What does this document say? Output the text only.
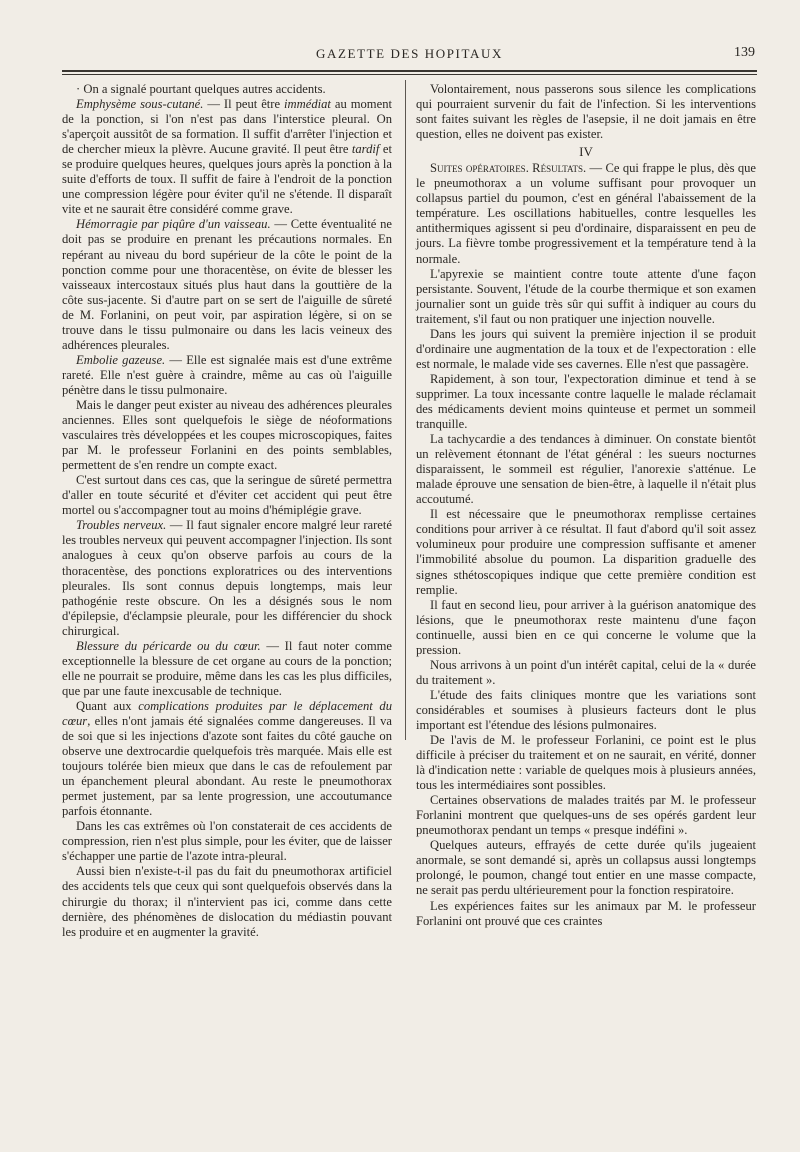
GAZETTE DES HOPITAUX	139

· On a signalé pourtant quelques autres accidents.

Emphysème sous-cutané. — Il peut être immédiat au moment de la ponction, si l'on n'est pas dans l'interstice pleural. On s'aperçoit aussitôt de sa formation. Il suffit d'arrêter l'injection et de chercher mieux la plèvre. Aucune gravité. Il peut être tardif et se produire quelques heures, quelques jours après la ponction à la suite d'efforts de toux. Il suffit de faire à l'endroit de la ponction une compression légère pour éviter qu'il ne s'étende. Il disparaît vite et ne saurait être considéré comme grave.

Hémorragie par piqûre d'un vaisseau. — Cette éventualité ne doit pas se produire en prenant les précautions normales. En repérant au niveau du bord supérieur de la côte le point de la ponction comme pour une thoracentèse, on évite de blesser les vaisseaux intercostaux situés plus haut dans la gouttière de la côte sus-jacente. Si d'autre part on se sert de l'aiguille de sûreté de M. Forlanini, on peut voir, par aspiration légère, si on se trouve dans le tissu pulmonaire ou dans les lacis veineux des adhérences pleurales.

Embolie gazeuse. — Elle est signalée mais est d'une extrême rareté. Elle n'est guère à craindre, même au cas où l'aiguille pénètre dans le tissu pulmonaire.

Mais le danger peut exister au niveau des adhérences pleurales anciennes. Elles sont quelquefois le siège de néoformations vasculaires très développées et les coupes microscopiques, faites par M. le professeur Forlanini en des points semblables, permettent de s'en rendre un compte exact.

C'est surtout dans ces cas, que la seringue de sûreté permettra d'aller en toute sécurité et d'éviter cet accident qui peut être mortel ou s'accompagner tout au moins d'hémiplégie grave.

Troubles nerveux. — Il faut signaler encore malgré leur rareté les troubles nerveux qui peuvent accompagner l'injection. Ils sont analogues à ceux qu'on observe parfois au cours de la thoracentèse, des ponctions exploratrices ou des interventions pleurales. Ils sont connus depuis longtemps, mais leur pathogénie reste obscure. On les a désignés sous le nom d'épilepsie, d'éclampsie pleurale, pour les différencier du shock chirurgical.

Blessure du péricarde ou du cœur. — Il faut noter comme exceptionnelle la blessure de cet organe au cours de la ponction; elle ne pourrait se produire, même dans les cas les plus difficiles, que par une faute inexcusable de technique.

Quant aux complications produites par le déplacement du cœur, elles n'ont jamais été signalées comme dangereuses. Il va de soi que si les injections d'azote sont faites du côté gauche on observe une dextrocardie quelquefois très marquée. Mais elle est toujours tolérée bien mieux que dans le cas de refoulement par un épanchement pleural abondant. Au reste le pneumothorax permet justement, par sa lente progression, une accoutumance parfois étonnante.

Dans les cas extrêmes où l'on constaterait de ces accidents de compression, rien n'est plus simple, pour les éviter, que de laisser s'échapper une partie de l'azote intra-pleural.

Aussi bien n'existe-t-il pas du fait du pneumothorax artificiel des accidents tels que ceux qui sont quelquefois observés dans la chirurgie du thorax; il n'intervient pas ici, comme dans cette dernière, des phénomènes de dislocation du médiastin pouvant les produire et en augmenter la gravité.

Volontairement, nous passerons sous silence les complications qui pourraient survenir du fait de l'infection. Si les interventions sont faites suivant les règles de l'asepsie, il ne doit jamais en être question, elles ne doivent pas exister.

IV

Suites opératoires. Résultats. — Ce qui frappe le plus, dès que le pneumothorax a un volume suffisant pour provoquer un collapsus partiel du poumon, c'est en général l'abaissement de la température. Les oscillations habituelles, contre lesquelles les antithermiques agissent si peu d'ordinaire, disparaissent en peu de jours. La fièvre tombe progressivement et la température tend à la normale.

L'apyrexie se maintient contre toute attente d'une façon persistante. Souvent, l'étude de la courbe thermique et son examen journalier sont un guide très sûr qui suffit à indiquer au cours du traitement, s'il faut ou non pratiquer une injection nouvelle.

Dans les jours qui suivent la première injection il se produit d'ordinaire une augmentation de la toux et de l'expectoration : elle est normale, le malade vide ses cavernes. Elle n'est que passagère.

Rapidement, à son tour, l'expectoration diminue et tend à se supprimer. La toux incessante contre laquelle le malade réclamait des médicaments devient moins quinteuse et permet un sommeil tranquille.

La tachycardie a des tendances à diminuer. On constate bientôt un relèvement étonnant de l'état général : les sueurs nocturnes disparaissent, le sommeil est régulier, l'anorexie s'atténue. Le malade éprouve une sensation de bien-être, à laquelle il n'était plus accoutumé.

Il est nécessaire que le pneumothorax remplisse certaines conditions pour arriver à ce résultat. Il faut d'abord qu'il soit assez volumineux pour produire une compression suffisante et amener l'immobilité absolue du poumon. La disparition graduelle des signes sthétoscopiques indique que cette première condition est remplie.

Il faut en second lieu, pour arriver à la guérison anatomique des lésions, que le pneumothorax reste maintenu d'une façon continuelle, aussi bien en ce qui concerne le volume que la pression.

Nous arrivons à un point d'un intérêt capital, celui de la « durée du traitement ».

L'étude des faits cliniques montre que les variations sont considérables et soumises à plusieurs facteurs dont le plus important est l'étendue des lésions pulmonaires.

De l'avis de M. le professeur Forlanini, ce point est le plus difficile à préciser du traitement et on ne saurait, en vérité, donner là d'indication nette : variable de quelques mois à plusieurs années, tous les intermédiaires sont possibles.

Certaines observations de malades traités par M. le professeur Forlanini montrent que quelques-uns de ses opérés gardent leur pneumothorax pendant un temps « presque indéfini ».

Quelques auteurs, effrayés de cette durée qu'ils jugeaient anormale, se sont demandé si, après un collapsus aussi longtemps prolongé, le poumon, changé tout entier en une masse compacte, ne serait pas perdu ultérieurement pour la fonction respiratoire.

Les expériences faites sur les animaux par M. le professeur Forlanini ont prouvé que ces craintes
